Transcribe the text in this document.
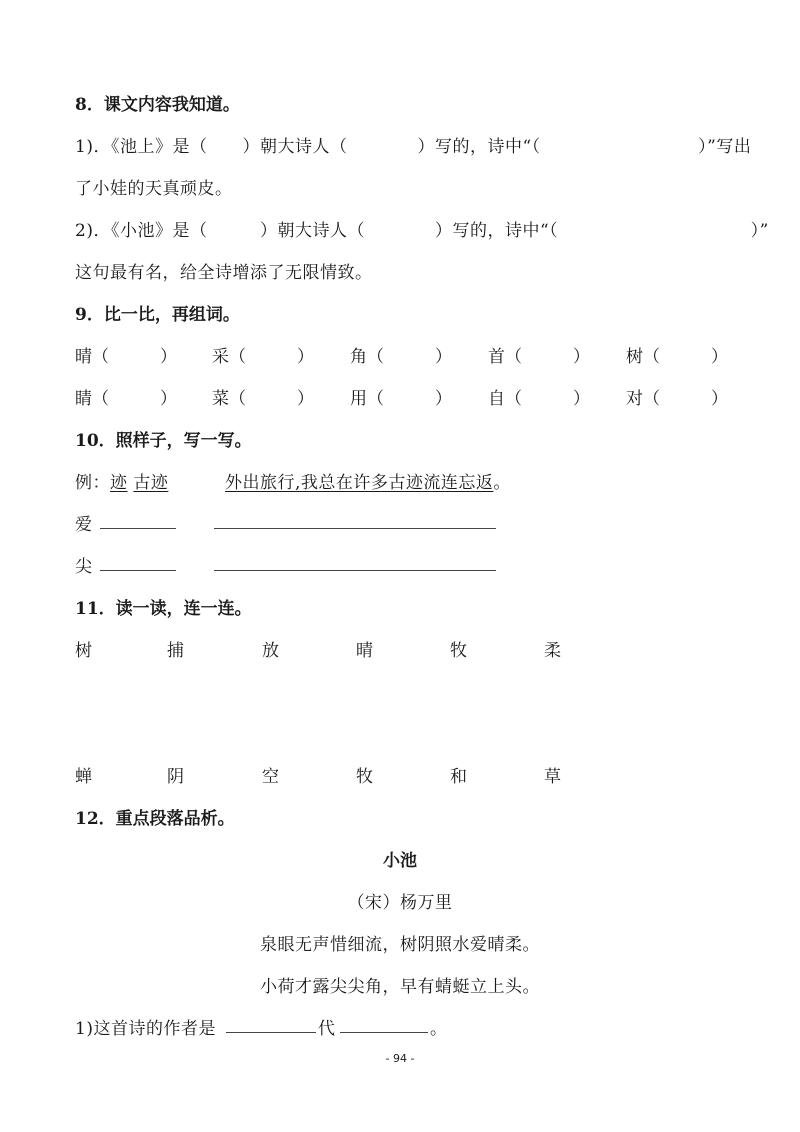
8．课文内容我知道。
1)．《池上》是（　　）朝大诗人（　　　　）写的，诗中“（　　　　　　　　　）”写出
了小娃的天真顽皮。
2)．《小池》是（　　　）朝大诗人（　　　　）写的，诗中“（　　　　　　　　　　　）”
这句最有名，给全诗增添了无限情致。
9．比一比，再组词。
晴（　　　） 采（　　　） 角（　　　） 首（　　　） 树（　　　）
睛（　　　） 菜（　　　） 用（　　　） 自（　　　） 对（　　　）
10．照样子，写一写。
例：迹 古迹	外出旅行,我总在许多古迹流连忘返。
爱
尖
11．读一读，连一连。
树	捕	放	晴	牧	柔
蝉	阴	空	牧	和	草
12．重点段落品析。
小池
（宋）杨万里
泉眼无声惜细流，树阴照水爱晴柔。
小荷才露尖尖角，早有蜻蜓立上头。
1)这首诗的作者是	代	。
- 94 -
